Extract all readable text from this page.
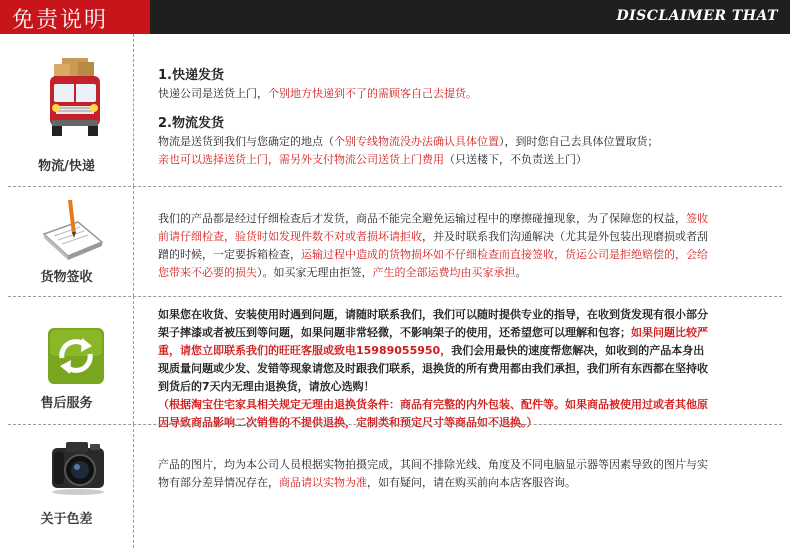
免责说明	DISCLAIMER THAT
物流/快递
1.快递发货
快递公司是送货上门，个别地方快递到不了的需顾客自己去提货。
2.物流发货
物流是送货到我们与您确定的地点（个别专线物流没办法确认具体位置），到时您自己去具体位置取货；
亲也可以选择送货上门，需另外支付物流公司送货上门费用（只送楼下，不负责送上门）
货物签收
我们的产品都是经过仔细检查后才发货，商品不能完全避免运输过程中的摩擦碰撞现象，为了保障您的权益，签收前请仔细检查，验货时如发现件数不对或者损坏请拒收，并及时联系我们沟通解决（尤其是外包装出现磨损或者刮蹭的时候，一定要拆箱检查，运输过程中造成的货物损坏如不仔细检查而直接签收，货运公司是拒绝赔偿的，会给您带来不必要的损失）。如买家无理由拒签，产生的全部运费均由买家承担。
售后服务
如果您在收货、安装使用时遇到问题，请随时联系我们，我们可以随时提供专业的指导，在收到货发现有很小部分架子摔漆或者被压到等问题，如果问题非常轻微，不影响架子的使用，还希望您可以理解和包容；如果问题比较严重，请您立即联系我们的旺旺客服或致电15989055950，我们会用最快的速度帮您解决，如收到的产品本身出现质量问题或少发、发错等现象请您及时跟我们联系，退换货的所有费用都由我们承担，我们所有东西都在坚持收到货后的7天内无理由退换货，请放心选购！
（根据淘宝住宅家具相关规定无理由退换货条件：商品有完整的内外包装、配件等。如果商品被使用过或者其他原因导致商品影响二次销售的不提供退换，定制类和预定尺寸等商品如不退换。）
关于色差
产品的图片，均为本公司人员根据实物拍摄完成，其间不排除光线、角度及不同电脑显示器等因素导致的图片与实物有部分差异情况存在，商品请以实物为准，如有疑问，请在购买前向本店客服咨询。
